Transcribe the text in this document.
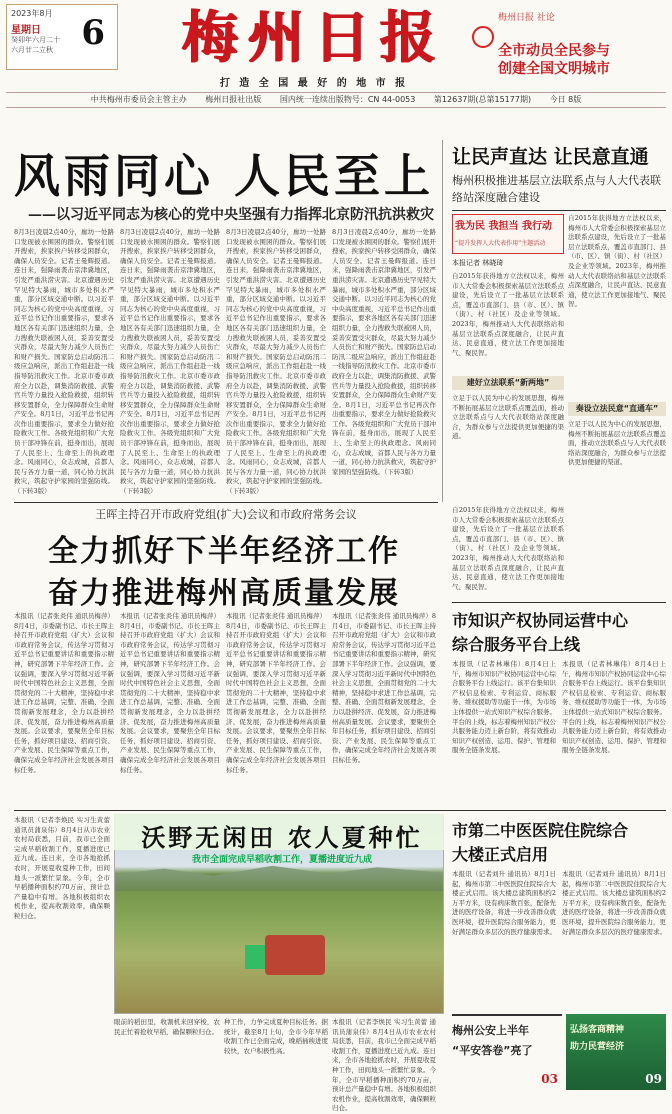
2023年8月
星期日
癸卯年六月二十
六月廿二立秋 6 梅州日报	梅州日报 社论
全市动员全民参与
创建全国文明城市
打 造 全 国 最 好 的 地 市 报
中共梅州市委员会主管主办 梅州日报社出版 国内统一连续出版物号：CN 44-0053 第12637期(总第15177期) 今日 8版
风雨同心 人民至上
——以习近平同志为核心的党中央坚强有力指挥北京防汛抗洪救灾
8月3日凌晨2点40分，廊坊一处路口发现被水围困的群众。警察们展开搜索，挨家挨户转移受困群众，确保人员安全。记者王曼辉报道。连日来，强降雨袭击京津冀地区，引发严重洪涝灾害。北京遭遇历史罕见特大暴雨，城市多处积水严重，部分区域交通中断。以习近平同志为核心的党中央高度重视，习近平总书记作出重要指示，要求各地区各有关部门迅速组织力量，全力搜救失联被困人员，妥善安置受灾群众，尽最大努力减少人员伤亡和财产损失。国家防总启动防汛二级应急响应，派出工作组赶赴一线指导防汛救灾工作。北京市委市政府全力以赴，调集消防救援、武警官兵等力量投入抢险救援，组织转移安置群众，全力保障群众生命财产安全。8月1日，习近平总书记再次作出重要指示，要求全力做好抢险救灾工作。各级党组织和广大党员干部冲锋在前，挺身而出，展现了人民至上、生命至上的执政理念。风雨同心，众志成城，首都人民与各方力量一道，同心协力抗洪救灾，筑起守护家园的坚强防线。（下转3版）
8月3日凌晨2点40分，廊坊一处路口发现被水围困的群众。警察们展开搜索，挨家挨户转移受困群众，确保人员安全。记者王曼辉报道。连日来，强降雨袭击京津冀地区，引发严重洪涝灾害。北京遭遇历史罕见特大暴雨，城市多处积水严重，部分区域交通中断。以习近平同志为核心的党中央高度重视，习近平总书记作出重要指示，要求各地区各有关部门迅速组织力量，全力搜救失联被困人员，妥善安置受灾群众，尽最大努力减少人员伤亡和财产损失。国家防总启动防汛二级应急响应，派出工作组赶赴一线指导防汛救灾工作。北京市委市政府全力以赴，调集消防救援、武警官兵等力量投入抢险救援，组织转移安置群众，全力保障群众生命财产安全。8月1日，习近平总书记再次作出重要指示，要求全力做好抢险救灾工作。各级党组织和广大党员干部冲锋在前，挺身而出，展现了人民至上、生命至上的执政理念。风雨同心，众志成城，首都人民与各方力量一道，同心协力抗洪救灾，筑起守护家园的坚强防线。（下转3版）
8月3日凌晨2点40分，廊坊一处路口发现被水围困的群众。警察们展开搜索，挨家挨户转移受困群众，确保人员安全。记者王曼辉报道。连日来，强降雨袭击京津冀地区，引发严重洪涝灾害。北京遭遇历史罕见特大暴雨，城市多处积水严重，部分区域交通中断。以习近平同志为核心的党中央高度重视，习近平总书记作出重要指示，要求各地区各有关部门迅速组织力量，全力搜救失联被困人员，妥善安置受灾群众，尽最大努力减少人员伤亡和财产损失。国家防总启动防汛二级应急响应，派出工作组赶赴一线指导防汛救灾工作。北京市委市政府全力以赴，调集消防救援、武警官兵等力量投入抢险救援，组织转移安置群众，全力保障群众生命财产安全。8月1日，习近平总书记再次作出重要指示，要求全力做好抢险救灾工作。各级党组织和广大党员干部冲锋在前，挺身而出，展现了人民至上、生命至上的执政理念。风雨同心，众志成城，首都人民与各方力量一道，同心协力抗洪救灾，筑起守护家园的坚强防线。（下转3版）
8月3日凌晨2点40分，廊坊一处路口发现被水围困的群众。警察们展开搜索，挨家挨户转移受困群众，确保人员安全。记者王曼辉报道。连日来，强降雨袭击京津冀地区，引发严重洪涝灾害。北京遭遇历史罕见特大暴雨，城市多处积水严重，部分区域交通中断。以习近平同志为核心的党中央高度重视，习近平总书记作出重要指示，要求各地区各有关部门迅速组织力量，全力搜救失联被困人员，妥善安置受灾群众，尽最大努力减少人员伤亡和财产损失。国家防总启动防汛二级应急响应，派出工作组赶赴一线指导防汛救灾工作。北京市委市政府全力以赴，调集消防救援、武警官兵等力量投入抢险救援，组织转移安置群众，全力保障群众生命财产安全。8月1日，习近平总书记再次作出重要指示，要求全力做好抢险救灾工作。各级党组织和广大党员干部冲锋在前，挺身而出，展现了人民至上、生命至上的执政理念。风雨同心，众志成城，首都人民与各方力量一道，同心协力抗洪救灾，筑起守护家园的坚强防线。（下转3版）
让民声直达 让民意直通
梅州积极推进基层立法联系点与人大代表联络站深度融合建设
我为民 我担当 我行动
“提升发挥人大代表作用”主题活动
本报记者 林晓琦
自2015年获得地方立法权以来，梅州市人大常委会积极探索基层立法联系点建设，先后设立了一批基层立法联系点，覆盖市直部门、县（市、区）、镇（街）、村（社区）及企业等领域。2023年，梅州推动人大代表联络站和基层立法联系点深度融合，让民声直达、民意直通，使立法工作更加接地气、聚民智。
建好立法联系“新两地”
立足于以人民为中心的发展思想，梅州不断拓展基层立法联系点覆盖面，推动立法联系点与人大代表联络站深度融合，为群众参与立法提供更加便捷的渠道。
自2015年获得地方立法权以来，梅州市人大常委会积极探索基层立法联系点建设，先后设立了一批基层立法联系点，覆盖市直部门、县（市、区）、镇（街）、村（社区）及企业等领域。2023年，梅州推动人大代表联络站和基层立法联系点深度融合，让民声直达、民意直通，使立法工作更加接地气、聚民智。
奏设立法民意“直通车”
立足于以人民为中心的发展思想，梅州不断拓展基层立法联系点覆盖面，推动立法联系点与人大代表联络站深度融合，为群众参与立法提供更加便捷的渠道。
自2015年获得地方立法权以来，梅州市人大常委会积极探索基层立法联系点建设，先后设立了一批基层立法联系点，覆盖市直部门、县（市、区）、镇（街）、村（社区）及企业等领域。2023年，梅州推动人大代表联络站和基层立法联系点深度融合，让民声直达、民意直通，使立法工作更加接地气、聚民智。
王晖主持召开市政府党组(扩大)会议和市政府常务会议
全力抓好下半年经济工作
奋力推进梅州高质量发展
本报讯（记者张炎伟 通讯员梅萍）8月4日，市委副书记、市长王晖主持召开市政府党组（扩大）会议和市政府常务会议，传达学习贯彻习近平总书记重要讲话和重要指示精神，研究部署下半年经济工作。会议强调，要深入学习贯彻习近平新时代中国特色社会主义思想，全面贯彻党的二十大精神，坚持稳中求进工作总基调，完整、准确、全面贯彻新发展理念，全力以赴拼经济、促发展，奋力推进梅州高质量发展。会议要求，要聚焦全年目标任务，抓好项目建设、招商引资、产业发展、民生保障等重点工作，确保完成全年经济社会发展各项目标任务。
本报讯（记者张炎伟 通讯员梅萍）8月4日，市委副书记、市长王晖主持召开市政府党组（扩大）会议和市政府常务会议，传达学习贯彻习近平总书记重要讲话和重要指示精神，研究部署下半年经济工作。会议强调，要深入学习贯彻习近平新时代中国特色社会主义思想，全面贯彻党的二十大精神，坚持稳中求进工作总基调，完整、准确、全面贯彻新发展理念，全力以赴拼经济、促发展，奋力推进梅州高质量发展。会议要求，要聚焦全年目标任务，抓好项目建设、招商引资、产业发展、民生保障等重点工作，确保完成全年经济社会发展各项目标任务。
本报讯（记者张炎伟 通讯员梅萍）8月4日，市委副书记、市长王晖主持召开市政府党组（扩大）会议和市政府常务会议，传达学习贯彻习近平总书记重要讲话和重要指示精神，研究部署下半年经济工作。会议强调，要深入学习贯彻习近平新时代中国特色社会主义思想，全面贯彻党的二十大精神，坚持稳中求进工作总基调，完整、准确、全面贯彻新发展理念，全力以赴拼经济、促发展，奋力推进梅州高质量发展。会议要求，要聚焦全年目标任务，抓好项目建设、招商引资、产业发展、民生保障等重点工作，确保完成全年经济社会发展各项目标任务。
本报讯（记者张炎伟 通讯员梅萍）8月4日，市委副书记、市长王晖主持召开市政府党组（扩大）会议和市政府常务会议，传达学习贯彻习近平总书记重要讲话和重要指示精神，研究部署下半年经济工作。会议强调，要深入学习贯彻习近平新时代中国特色社会主义思想，全面贯彻党的二十大精神，坚持稳中求进工作总基调，完整、准确、全面贯彻新发展理念，全力以赴拼经济、促发展，奋力推进梅州高质量发展。会议要求，要聚焦全年目标任务，抓好项目建设、招商引资、产业发展、民生保障等重点工作，确保完成全年经济社会发展各项目标任务。
市知识产权协同运营中心
综合服务平台上线
本报讯（记者林琳伟）8月4日上午，梅州市知识产权协同运营中心综合服务平台上线运行。该平台集知识产权信息检索、专利运营、商标服务、维权援助等功能于一体，为市场主体提供一站式知识产权综合服务。平台的上线，标志着梅州知识产权公共服务能力迈上新台阶，将有效推动知识产权创造、运用、保护、管理和服务全链条发展。
本报讯（记者林琳伟）8月4日上午，梅州市知识产权协同运营中心综合服务平台上线运行。该平台集知识产权信息检索、专利运营、商标服务、维权援助等功能于一体，为市场主体提供一站式知识产权综合服务。平台的上线，标志着梅州知识产权公共服务能力迈上新台阶，将有效推动知识产权创造、运用、保护、管理和服务全链条发展。
本报讯（记者李焕民 实习生黄蕾 通讯员蒲泉伟）8月4日从市农业农村局获悉，目前，我市已全面完成早稻收割工作，夏播进度已近九成。连日来，全市各地抢抓农时，开展夏收夏种工作，田间地头一派繁忙景象。今年，全市早稻播种面积约70万亩，预计总产量稳中有增。各地积极组织农机作业，提高收割效率，确保颗粒归仓。
沃野无闲田 农人夏种忙
我市全面完成早稻收割工作，夏播进度近九成
眼前的稻田里，收割机来回穿梭，农民正忙着抢收早稻，确保颗粒归仓。
种工作，力争完成夏种目标任务。据统计，截至8月上旬，全市今年早稻收割工作已全面完成，晚稻插秧进度较快，农户积极性高。
本报讯（记者李焕民 实习生黄蕾 通讯员蒲泉伟）8月4日从市农业农村局获悉，目前，我市已全面完成早稻收割工作，夏播进度已近九成。连日来，全市各地抢抓农时，开展夏收夏种工作，田间地头一派繁忙景象。今年，全市早稻播种面积约70万亩，预计总产量稳中有增。各地积极组织农机作业，提高收割效率，确保颗粒归仓。
市第二中医医院住院综合
大楼正式启用
本报讯（记者刘升 通讯员）8月1日起，梅州市第二中医医院住院综合大楼正式启用。该大楼总建筑面积约2万平方米，设有病床数百张，配备先进的医疗设备，将进一步改善群众就医环境，提升医院综合服务能力，更好满足群众多层次的医疗健康需求。
本报讯（记者刘升 通讯员）8月1日起，梅州市第二中医医院住院综合大楼正式启用。该大楼总建筑面积约2万平方米，设有病床数百张，配备先进的医疗设备，将进一步改善群众就医环境，提升医院综合服务能力，更好满足群众多层次的医疗健康需求。
梅州公安上半年
“平安答卷”亮了
03
弘扬客商精神
助力民营经济
09
